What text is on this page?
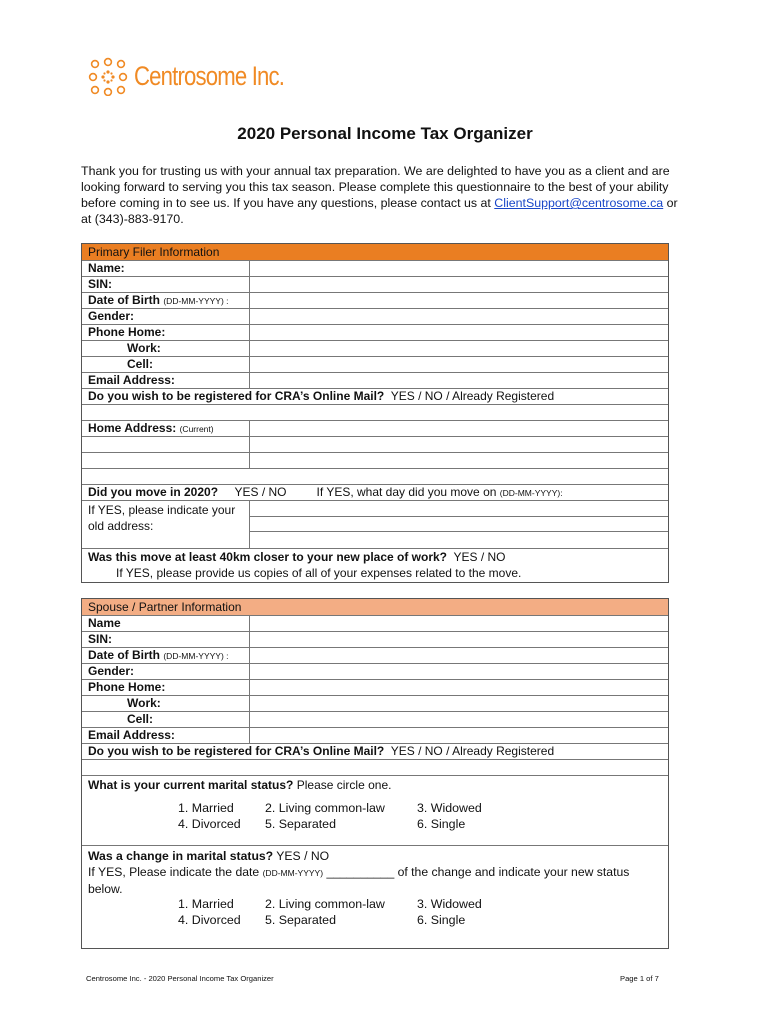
Centrosome Inc.
2020 Personal Income Tax Organizer
Thank you for trusting us with your annual tax preparation. We are delighted to have you as a client and are looking forward to serving you this tax season. Please complete this questionnaire to the best of your ability before coming in to see us. If you have any questions, please contact us at ClientSupport@centrosome.ca or at (343)-883-9170.
Primary Filer Information
Name:
SIN:
Date of Birth (DD-MM-YYYY) :
Gender:
Phone Home:
Work:
Cell:
Email Address:
Do you wish to be registered for CRA’s Online Mail? YES / NO / Already Registered
Home Address: (Current)
Did you move in 2020? YES / NO	If YES, what day did you move on (DD-MM-YYYY):
If YES, please indicate your old address:
Was this move at least 40km closer to your new place of work? YES / NO
If YES, please provide us copies of all of your expenses related to the move.
Spouse / Partner Information
Name
SIN:
Date of Birth (DD-MM-YYYY) :
Gender:
Phone Home:
Work:
Cell:
Email Address:
Do you wish to be registered for CRA’s Online Mail? YES / NO / Already Registered
What is your current marital status? Please circle one.
1. Married	2. Living common-law	3. Widowed
4. Divorced 5. Separated	6. Single
Was a change in marital status? YES / NO
If YES, Please indicate the date (DD-MM-YYYY) __________ of the change and indicate your new status below.
1. Married	2. Living common-law	3. Widowed
4. Divorced 5. Separated	6. Single
Centrosome Inc. - 2020 Personal Income Tax Organizer	Page 1 of 7
